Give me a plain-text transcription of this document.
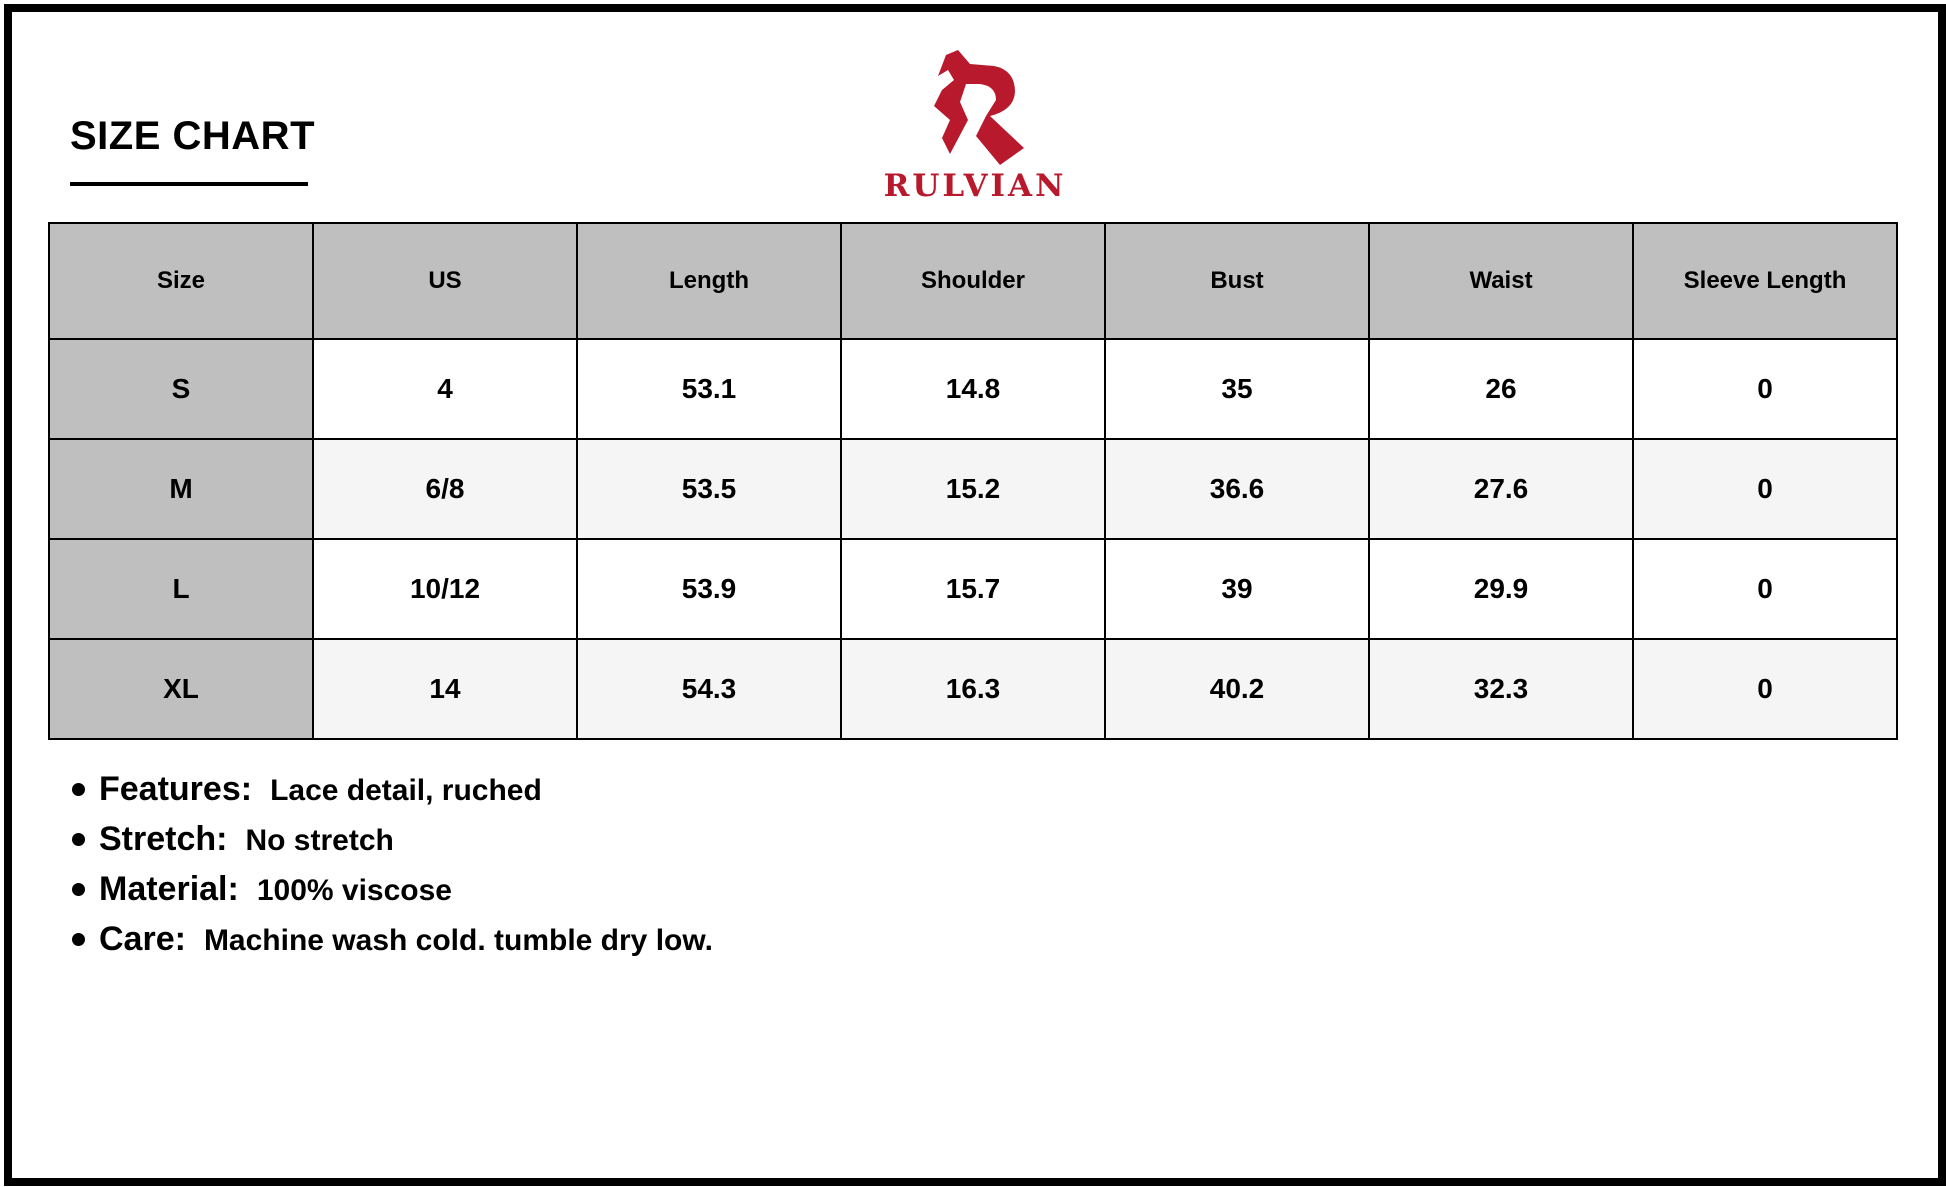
SIZE CHART
RULVIAN
Size	US	Length	Shoulder	Bust	Waist	Sleeve Length
S	4	53.1	14.8	35	26	0
M	6/8	53.5	15.2	36.6	27.6	0
L	10/12	53.9	15.7	39	29.9	0
XL	14	54.3	16.3	40.2	32.3	0
Features: Lace detail, ruched
Stretch: No stretch
Material: 100% viscose
Care: Machine wash cold. tumble dry low.
